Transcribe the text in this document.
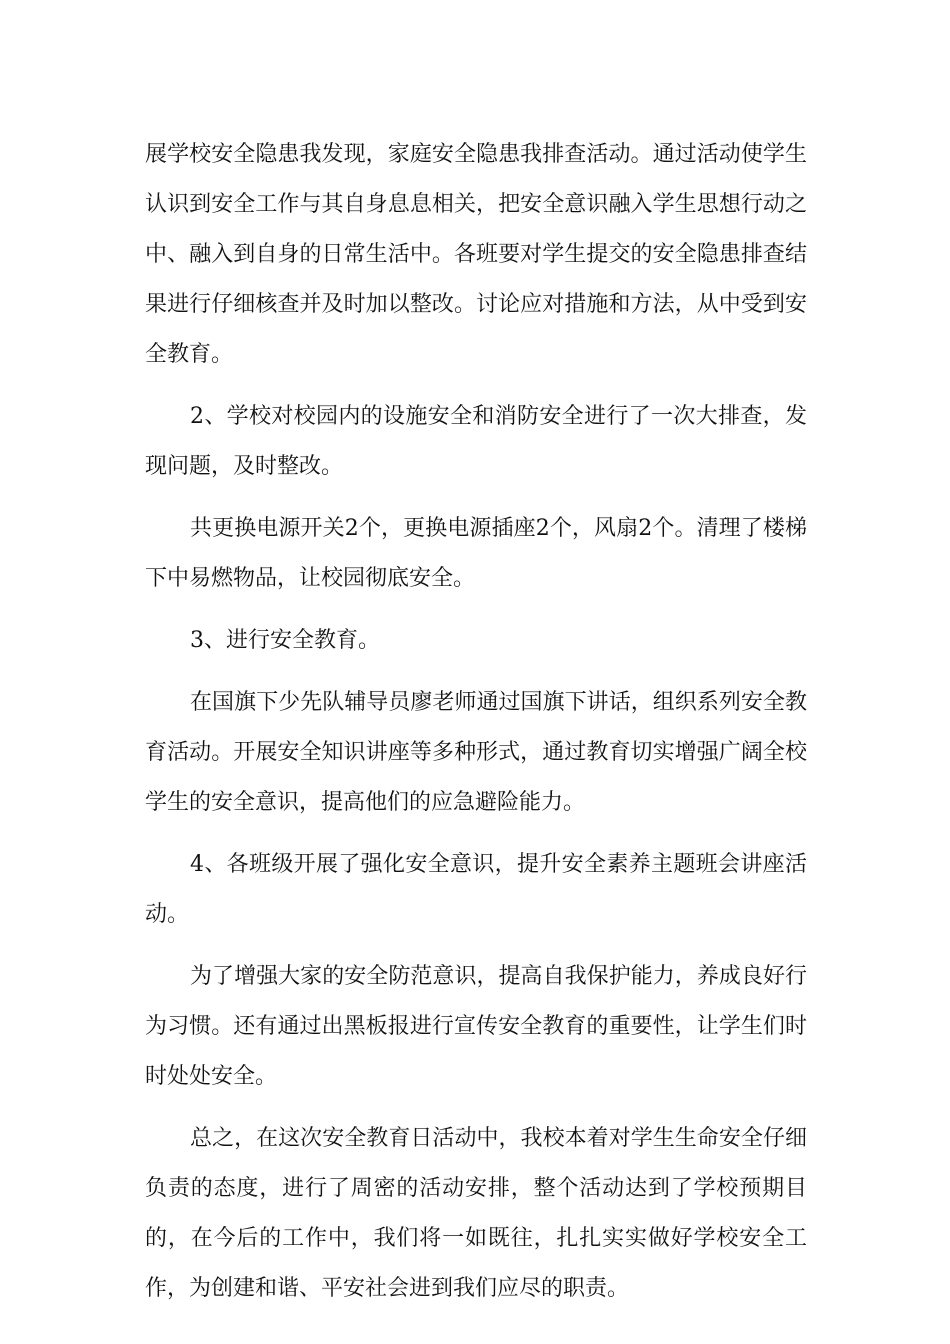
展学校安全隐患我发现，家庭安全隐患我排查活动。通过活动使学生认识到安全工作与其自身息息相关，把安全意识融入学生思想行动之中、融入到自身的日常生活中。各班要对学生提交的安全隐患排查结果进行仔细核查并及时加以整改。讨论应对措施和方法，从中受到安全教育。

2、学校对校园内的设施安全和消防安全进行了一次大排查，发现问题，及时整改。

共更换电源开关2个，更换电源插座2个，风扇2个。清理了楼梯下中易燃物品，让校园彻底安全。

3、进行安全教育。

在国旗下少先队辅导员廖老师通过国旗下讲话，组织系列安全教育活动。开展安全知识讲座等多种形式，通过教育切实增强广阔全校学生的安全意识，提高他们的应急避险能力。

4、各班级开展了强化安全意识，提升安全素养主题班会讲座活动。

为了增强大家的安全防范意识，提高自我保护能力，养成良好行为习惯。还有通过出黑板报进行宣传安全教育的重要性，让学生们时时处处安全。

总之，在这次安全教育日活动中，我校本着对学生生命安全仔细负责的态度，进行了周密的活动安排，整个活动达到了学校预期目的，在今后的工作中，我们将一如既往，扎扎实实做好学校安全工作，为创建和谐、平安社会进到我们应尽的职责。
